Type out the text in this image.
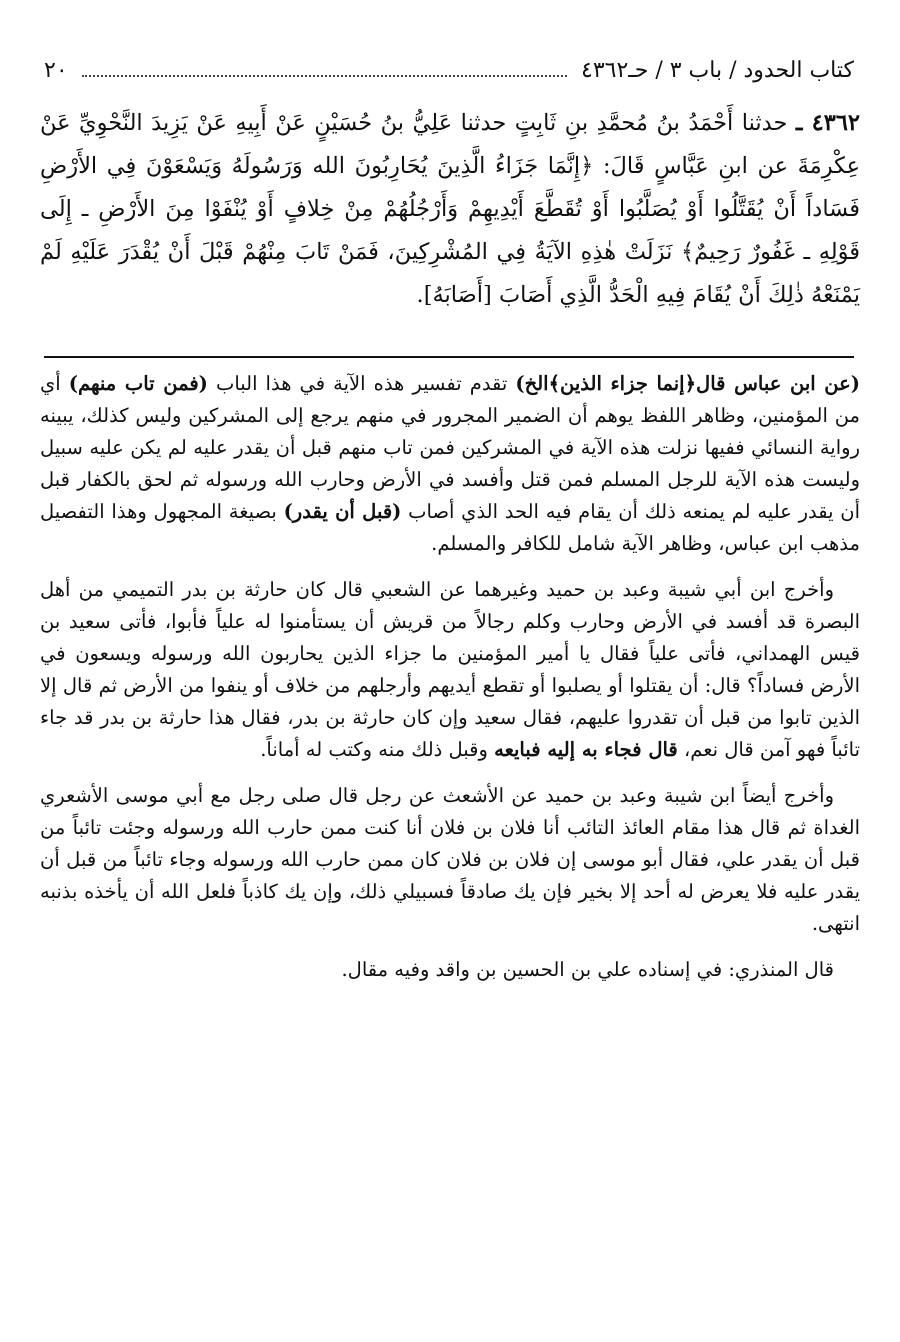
كتاب الحدود / باب ٣ / حـ٤٣٦٢
٢٠
٤٣٦٢ ـ حدثنا أَحْمَدُ بنُ مُحمَّدِ بنِ ثَابِتٍ حدثنا عَلِيُّ بنُ حُسَيْنٍ عَنْ أَبِيهِ عَنْ يَزِيدَ النَّحْوِيِّ عَنْ عِكْرِمَةَ عن ابنِ عَبَّاسٍ قَالَ: ﴿إِنَّمَا جَزَاءُ الَّذِينَ يُحَارِبُونَ الله وَرَسُولَهُ وَيَسْعَوْنَ فِي الأَرْضِ فَسَاداً أَنْ يُقَتَّلُوا أَوْ يُصَلَّبُوا أَوْ تُقَطَّعَ أَيْدِيهِمْ وَأَرْجُلُهُمْ مِنْ خِلافٍ أَوْ يُنْفَوْا مِنَ الأَرْضِ ـ إِلَى قَوْلِهِ ـ غَفُورٌ رَحِيمٌ﴾ نَزَلَتْ هٰذِهِ الآيَةُ فِي المُشْرِكِينَ، فَمَنْ تَابَ مِنْهُمْ قَبْلَ أَنْ يُقْدَرَ عَلَيْهِ لَمْ يَمْنَعْهُ ذٰلِكَ أَنْ يُقَامَ فِيهِ الْحَدُّ الَّذِي أَصَابَ [أَصَابَهُ].

(عن ابن عباس قال﴿إنما جزاء الذين﴾الخ) تقدم تفسير هذه الآية في هذا الباب (فمن تاب منهم) أي من المؤمنين، وظاهر اللفظ يوهم أن الضمير المجرور في منهم يرجع إلى المشركين وليس كذلك، يبينه رواية النسائي ففيها نزلت هذه الآية في المشركين فمن تاب منهم قبل أن يقدر عليه لم يكن عليه سبيل وليست هذه الآية للرجل المسلم فمن قتل وأفسد في الأرض وحارب الله ورسوله ثم لحق بالكفار قبل أن يقدر عليه لم يمنعه ذلك أن يقام فيه الحد الذي أصاب (قبل أن يقدر) بصيغة المجهول وهذا التفصيل مذهب ابن عباس، وظاهر الآية شامل للكافر والمسلم.

وأخرج ابن أبي شيبة وعبد بن حميد وغيرهما عن الشعبي قال كان حارثة بن بدر التميمي من أهل البصرة قد أفسد في الأرض وحارب وكلم رجالاً من قريش أن يستأمنوا له علياً فأبوا، فأتى سعيد بن قيس الهمداني، فأتى علياً فقال يا أمير المؤمنين ما جزاء الذين يحاربون الله ورسوله ويسعون في الأرض فساداً؟ قال: أن يقتلوا أو يصلبوا أو تقطع أيديهم وأرجلهم من خلاف أو ينفوا من الأرض ثم قال إلا الذين تابوا من قبل أن تقدروا عليهم، فقال سعيد وإن كان حارثة بن بدر، فقال هذا حارثة بن بدر قد جاء تائباً فهو آمن قال نعم، قال فجاء به إليه فبايعه وقبل ذلك منه وكتب له أماناً.

وأخرج أيضاً ابن شيبة وعبد بن حميد عن الأشعث عن رجل قال صلى رجل مع أبي موسى الأشعري الغداة ثم قال هذا مقام العائذ التائب أنا فلان بن فلان أنا كنت ممن حارب الله ورسوله وجئت تائباً من قبل أن يقدر علي، فقال أبو موسى إن فلان بن فلان كان ممن حارب الله ورسوله وجاء تائباً من قبل أن يقدر عليه فلا يعرض له أحد إلا بخير فإن يك صادقاً فسبيلي ذلك، وإن يك كاذباً فلعل الله أن يأخذه بذنبه انتهى.

قال المنذري: في إسناده علي بن الحسين بن واقد وفيه مقال.
